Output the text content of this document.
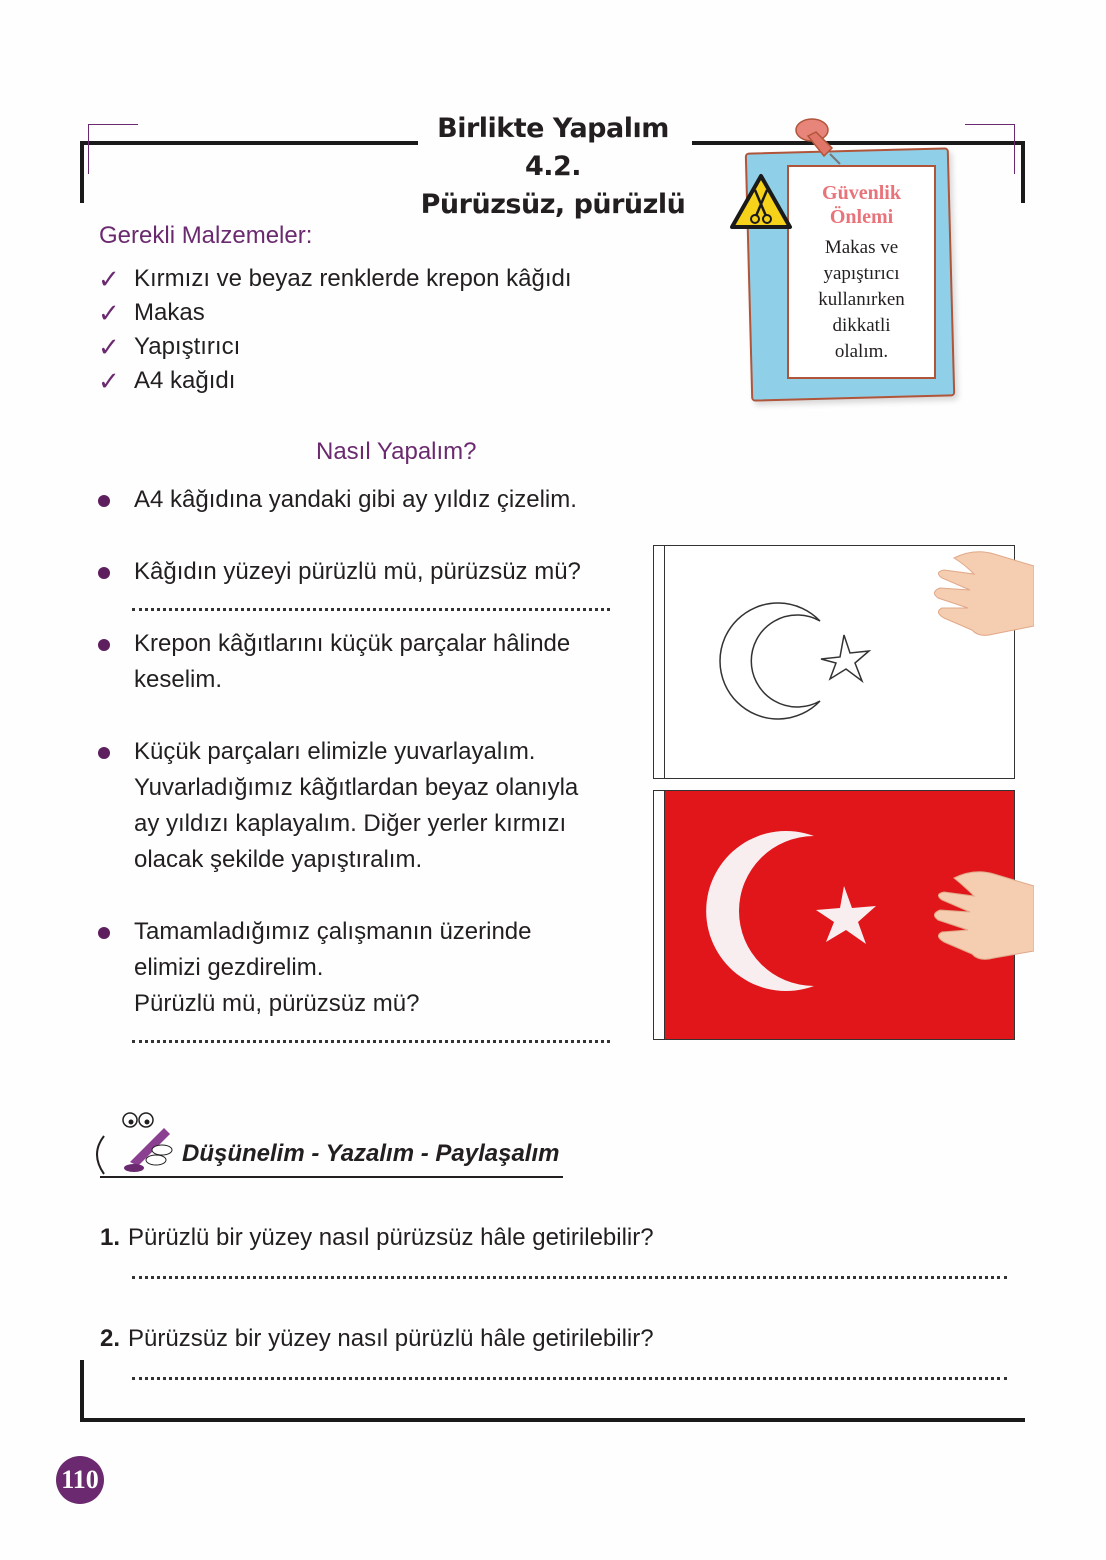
Birlikte Yapalım 4.2.
Pürüzsüz, pürüzlü
Gerekli Malzemeler:
✓ Kırmızı ve beyaz renklerde krepon kâğıdı
✓ Makas
✓ Yapıştırıcı
✓ A4 kağıdı
Güvenlik
Önlemi
Makas ve
yapıştırıcı
kullanırken
dikkatli
olalım.
Nasıl Yapalım?
A4 kâğıdına yandaki gibi ay yıldız çizelim.
Kâğıdın yüzeyi pürüzlü mü, pürüzsüz mü?
Krepon kâğıtlarını küçük parçalar hâlinde
keselim.
Küçük parçaları elimizle yuvarlayalım.
Yuvarladığımız kâğıtlardan beyaz olanıyla
ay yıldızı kaplayalım. Diğer yerler kırmızı
olacak şekilde yapıştıralım.
Tamamladığımız çalışmanın üzerinde
elimizi gezdirelim.
Pürüzlü mü, pürüzsüz mü?
Düşünelim - Yazalım - Paylaşalım
1. Pürüzlü bir yüzey nasıl pürüzsüz hâle getirilebilir?
2. Pürüzsüz bir yüzey nasıl pürüzlü hâle getirilebilir?
110
